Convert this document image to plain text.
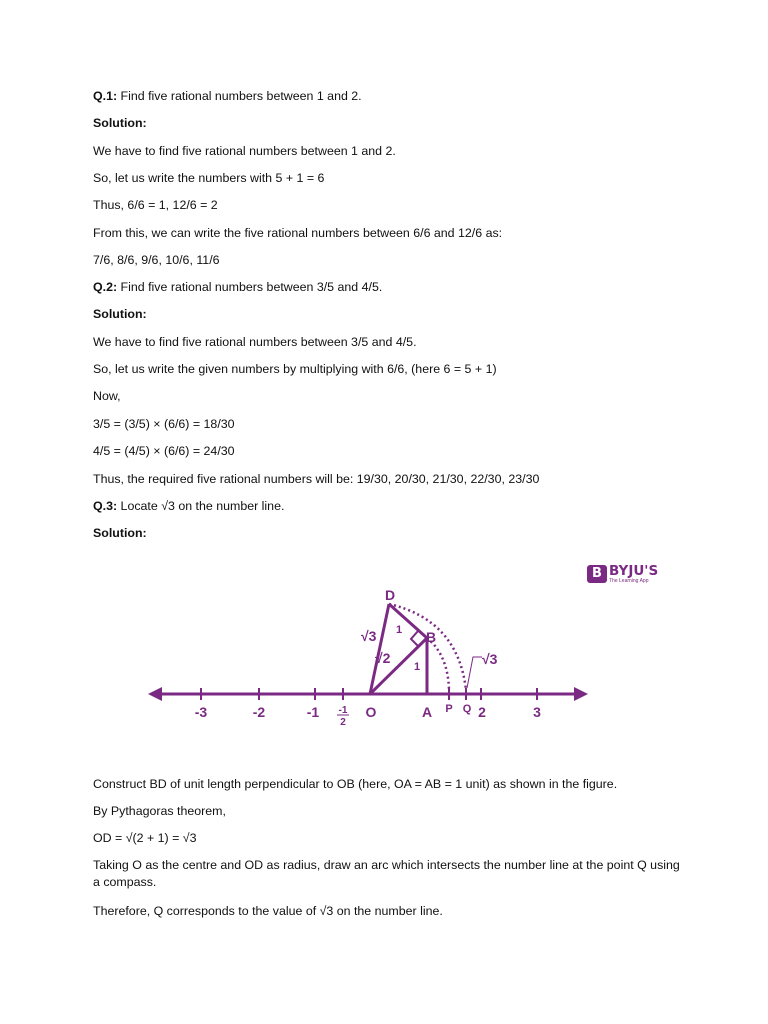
Q.1: Find five rational numbers between 1 and 2.
Solution:
We have to find five rational numbers between 1 and 2.
So, let us write the numbers with 5 + 1 = 6
Thus, 6/6 = 1, 12/6 = 2
From this, we can write the five rational numbers between 6/6 and 12/6 as:
7/6, 8/6, 9/6, 10/6, 11/6
Q.2: Find five rational numbers between 3/5 and 4/5.
Solution:
We have to find five rational numbers between 3/5 and 4/5.
So, let us write the given numbers by multiplying with 6/6, (here 6 = 5 + 1)
Now,
3/5 = (3/5) × (6/6) = 18/30
4/5 = (4/5) × (6/6) = 24/30
Thus, the required five rational numbers will be: 19/30, 20/30, 21/30, 22/30, 23/30
Q.3: Locate √3 on the number line.
Solution:
B BYJU'S
The Learning App
-3	-2	-1	O	A	2	3
-1
2
P Q
D
B
√3
√2
1
1	√3
Construct BD of unit length perpendicular to OB (here, OA = AB = 1 unit) as shown in the figure.
By Pythagoras theorem,
OD = √(2 + 1) = √3
Taking O as the centre and OD as radius, draw an arc which intersects the number line at the point Q using a compass.
Therefore, Q corresponds to the value of √3 on the number line.
